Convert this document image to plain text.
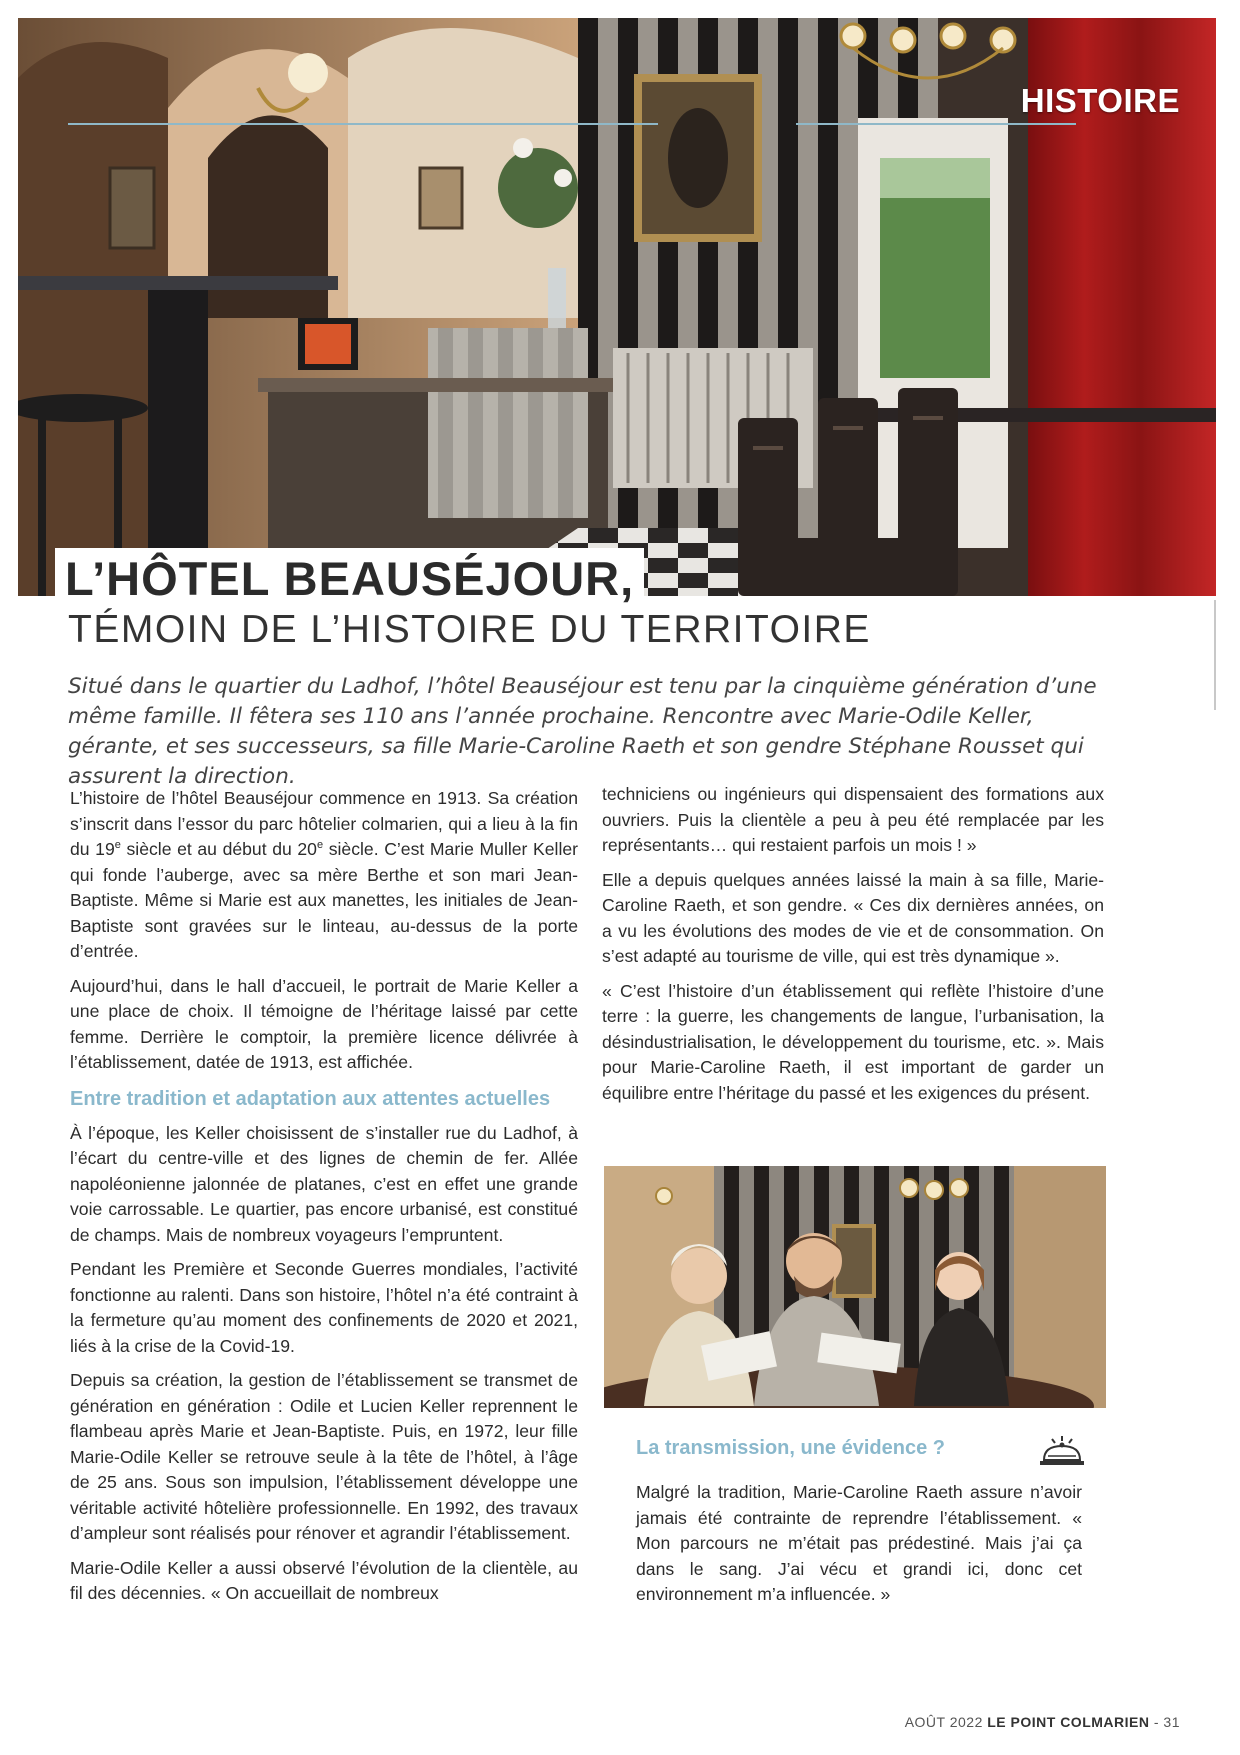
HISTOIRE
L’HÔTEL BEAUSÉJOUR,
TÉMOIN DE L’HISTOIRE DU TERRITOIRE
Situé dans le quartier du Ladhof, l’hôtel Beauséjour est tenu par la cinquième génération d’une même famille. Il fêtera ses 110 ans l’année prochaine. Rencontre avec Marie-Odile Keller, gérante, et ses successeurs, sa fille Marie-Caroline Raeth et son gendre Stéphane Rousset qui assurent la direction.

L’histoire de l’hôtel Beauséjour commence en 1913. Sa création s’inscrit dans l’essor du parc hôtelier colmarien, qui a lieu à la fin du 19e siècle et au début du 20e siècle. C’est Marie Muller Keller qui fonde l’auberge, avec sa mère Berthe et son mari Jean-Baptiste. Même si Marie est aux manettes, les initiales de Jean-Baptiste sont gravées sur le linteau, au-dessus de la porte d’entrée.

Aujourd’hui, dans le hall d’accueil, le portrait de Marie Keller a une place de choix. Il témoigne de l’héritage laissé par cette femme. Derrière le comptoir, la première licence délivrée à l’établissement, datée de 1913, est affichée.

Entre tradition et adaptation aux attentes actuelles

À l’époque, les Keller choisissent de s’installer rue du Ladhof, à l’écart du centre-ville et des lignes de chemin de fer. Allée napoléonienne jalonnée de platanes, c’est en effet une grande voie carrossable. Le quartier, pas encore urbanisé, est constitué de champs. Mais de nombreux voyageurs l’empruntent.

Pendant les Première et Seconde Guerres mondiales, l’activité fonctionne au ralenti. Dans son histoire, l’hôtel n’a été contraint à la fermeture qu’au moment des confinements de 2020 et 2021, liés à la crise de la Covid-19.

Depuis sa création, la gestion de l’établissement se transmet de génération en génération : Odile et Lucien Keller reprennent le flambeau après Marie et Jean-Baptiste. Puis, en 1972, leur fille Marie-Odile Keller se retrouve seule à la tête de l’hôtel, à l’âge de 25 ans. Sous son impulsion, l’établissement développe une véritable activité hôtelière professionnelle. En 1992, des travaux d’ampleur sont réalisés pour rénover et agrandir l’établissement.

Marie-Odile Keller a aussi observé l’évolution de la clientèle, au fil des décennies. « On accueillait de nombreux

techniciens ou ingénieurs qui dispensaient des formations aux ouvriers. Puis la clientèle a peu à peu été remplacée par les représentants… qui restaient parfois un mois ! »

Elle a depuis quelques années laissé la main à sa fille, Marie-Caroline Raeth, et son gendre. « Ces dix dernières années, on a vu les évolutions des modes de vie et de consommation. On s’est adapté au tourisme de ville, qui est très dynamique ».

« C’est l’histoire d’un établissement qui reflète l’histoire d’une terre : la guerre, les changements de langue, l’urbanisation, la désindustrialisation, le développement du tourisme, etc. ». Mais pour Marie-Caroline Raeth, il est important de garder un équilibre entre l’héritage du passé et les exigences du présent.

La transmission, une évidence ?

Malgré la tradition, Marie-Caroline Raeth assure n’avoir jamais été contrainte de reprendre l’établissement. « Mon parcours ne m’était pas prédestiné. Mais j’ai ça dans le sang. J’ai vécu et grandi ici, donc cet environnement m’a influencée. »

AOÛT 2022 LE POINT COLMARIEN - 31
